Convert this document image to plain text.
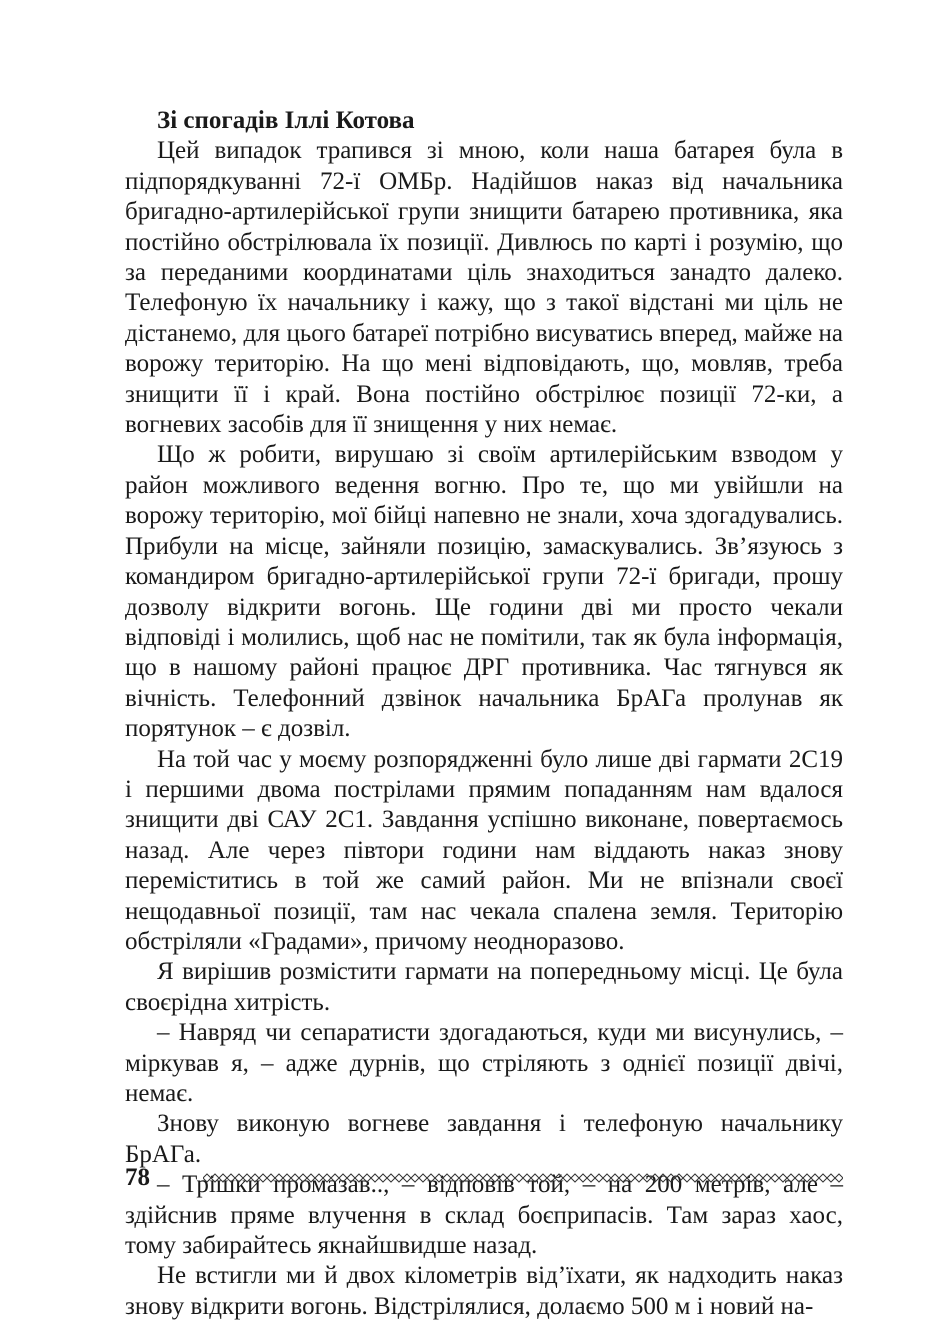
Зі спогадів Іллі Котова

Цей випадок трапився зі мною, коли наша батарея була в підпорядкуванні 72-ї ОМБр. Надійшов наказ від начальника бригадно-артилерійської групи знищити батарею противника, яка постійно обстрілювала їх позиції. Дивлюсь по карті і розумію, що за переданими координатами ціль знаходиться занадто далеко. Телефоную їх начальнику і кажу, що з такої відстані ми ціль не дістанемо, для цього батареї потрібно висуватись вперед, майже на ворожу територію. На що мені відповідають, що, мовляв, треба знищити її і край. Вона постійно обстрілює позиції 72-ки, а вогневих засобів для її знищення у них немає.

Що ж робити, вирушаю зі своїм артилерійським взводом у район можливого ведення вогню. Про те, що ми увійшли на ворожу територію, мої бійці напевно не знали, хоча здогадувались. Прибули на місце, зайняли позицію, замаскувались. Зв’язуюсь з командиром бригадно-артилерійської групи 72-ї бригади, прошу дозволу відкрити вогонь. Ще години дві ми просто чекали відповіді і молились, щоб нас не помітили, так як була інформація, що в нашому районі працює ДРГ противника. Час тягнувся як вічність. Телефонний дзвінок начальника БрАГа пролунав як порятунок – є дозвіл.

На той час у моєму розпорядженні було лише дві гармати 2С19 і першими двома пострілами прямим попаданням нам вдалося знищити дві САУ 2С1. Завдання успішно виконане, повертаємось назад. Але через півтори години нам віддають наказ знову переміститись в той же самий район. Ми не впізнали своєї нещодавньої позиції, там нас чекала спалена земля. Територію обстріляли «Градами», причому неодноразово.

Я вирішив розмістити гармати на попередньому місці. Це була своєрідна хитрість.

– Навряд чи сепаратисти здогадаються, куди ми висунулись, – міркував я, – адже дурнів, що стріляють з однієї позиції двічі, немає.

Знову виконую вогневе завдання і телефоную начальнику БрАГа.

– Трішки промазав.., – відповів той, – на 200 метрів, але – здійснив пряме влучення в склад боєприпасів. Там зараз хаос, тому забирайтесь якнайшвидше назад.

Не встигли ми й двох кілометрів від’їхати, як надходить наказ знову відкрити вогонь. Відстрілялися, долаємо 500 м і новий на-

78
